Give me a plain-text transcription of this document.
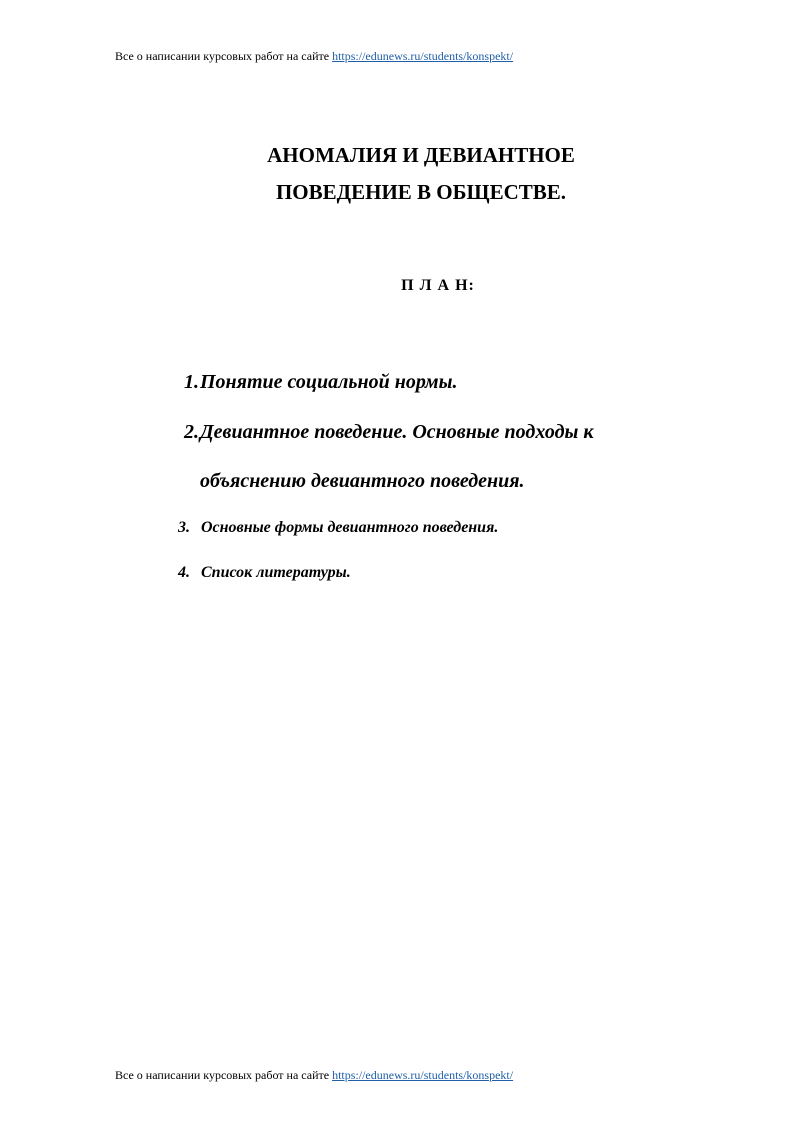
Все о написании курсовых работ на сайте https://edunews.ru/students/konspekt/
АНОМАЛИЯ И ДЕВИАНТНОЕ
ПОВЕДЕНИЕ В ОБЩЕСТВЕ.
П Л А Н:
1. Понятие социальной нормы.
2. Девиантное поведение. Основные подходы к
объяснению девиантного поведения.
3. Основные формы девиантного поведения.
4. Список литературы.
Все о написании курсовых работ на сайте https://edunews.ru/students/konspekt/
